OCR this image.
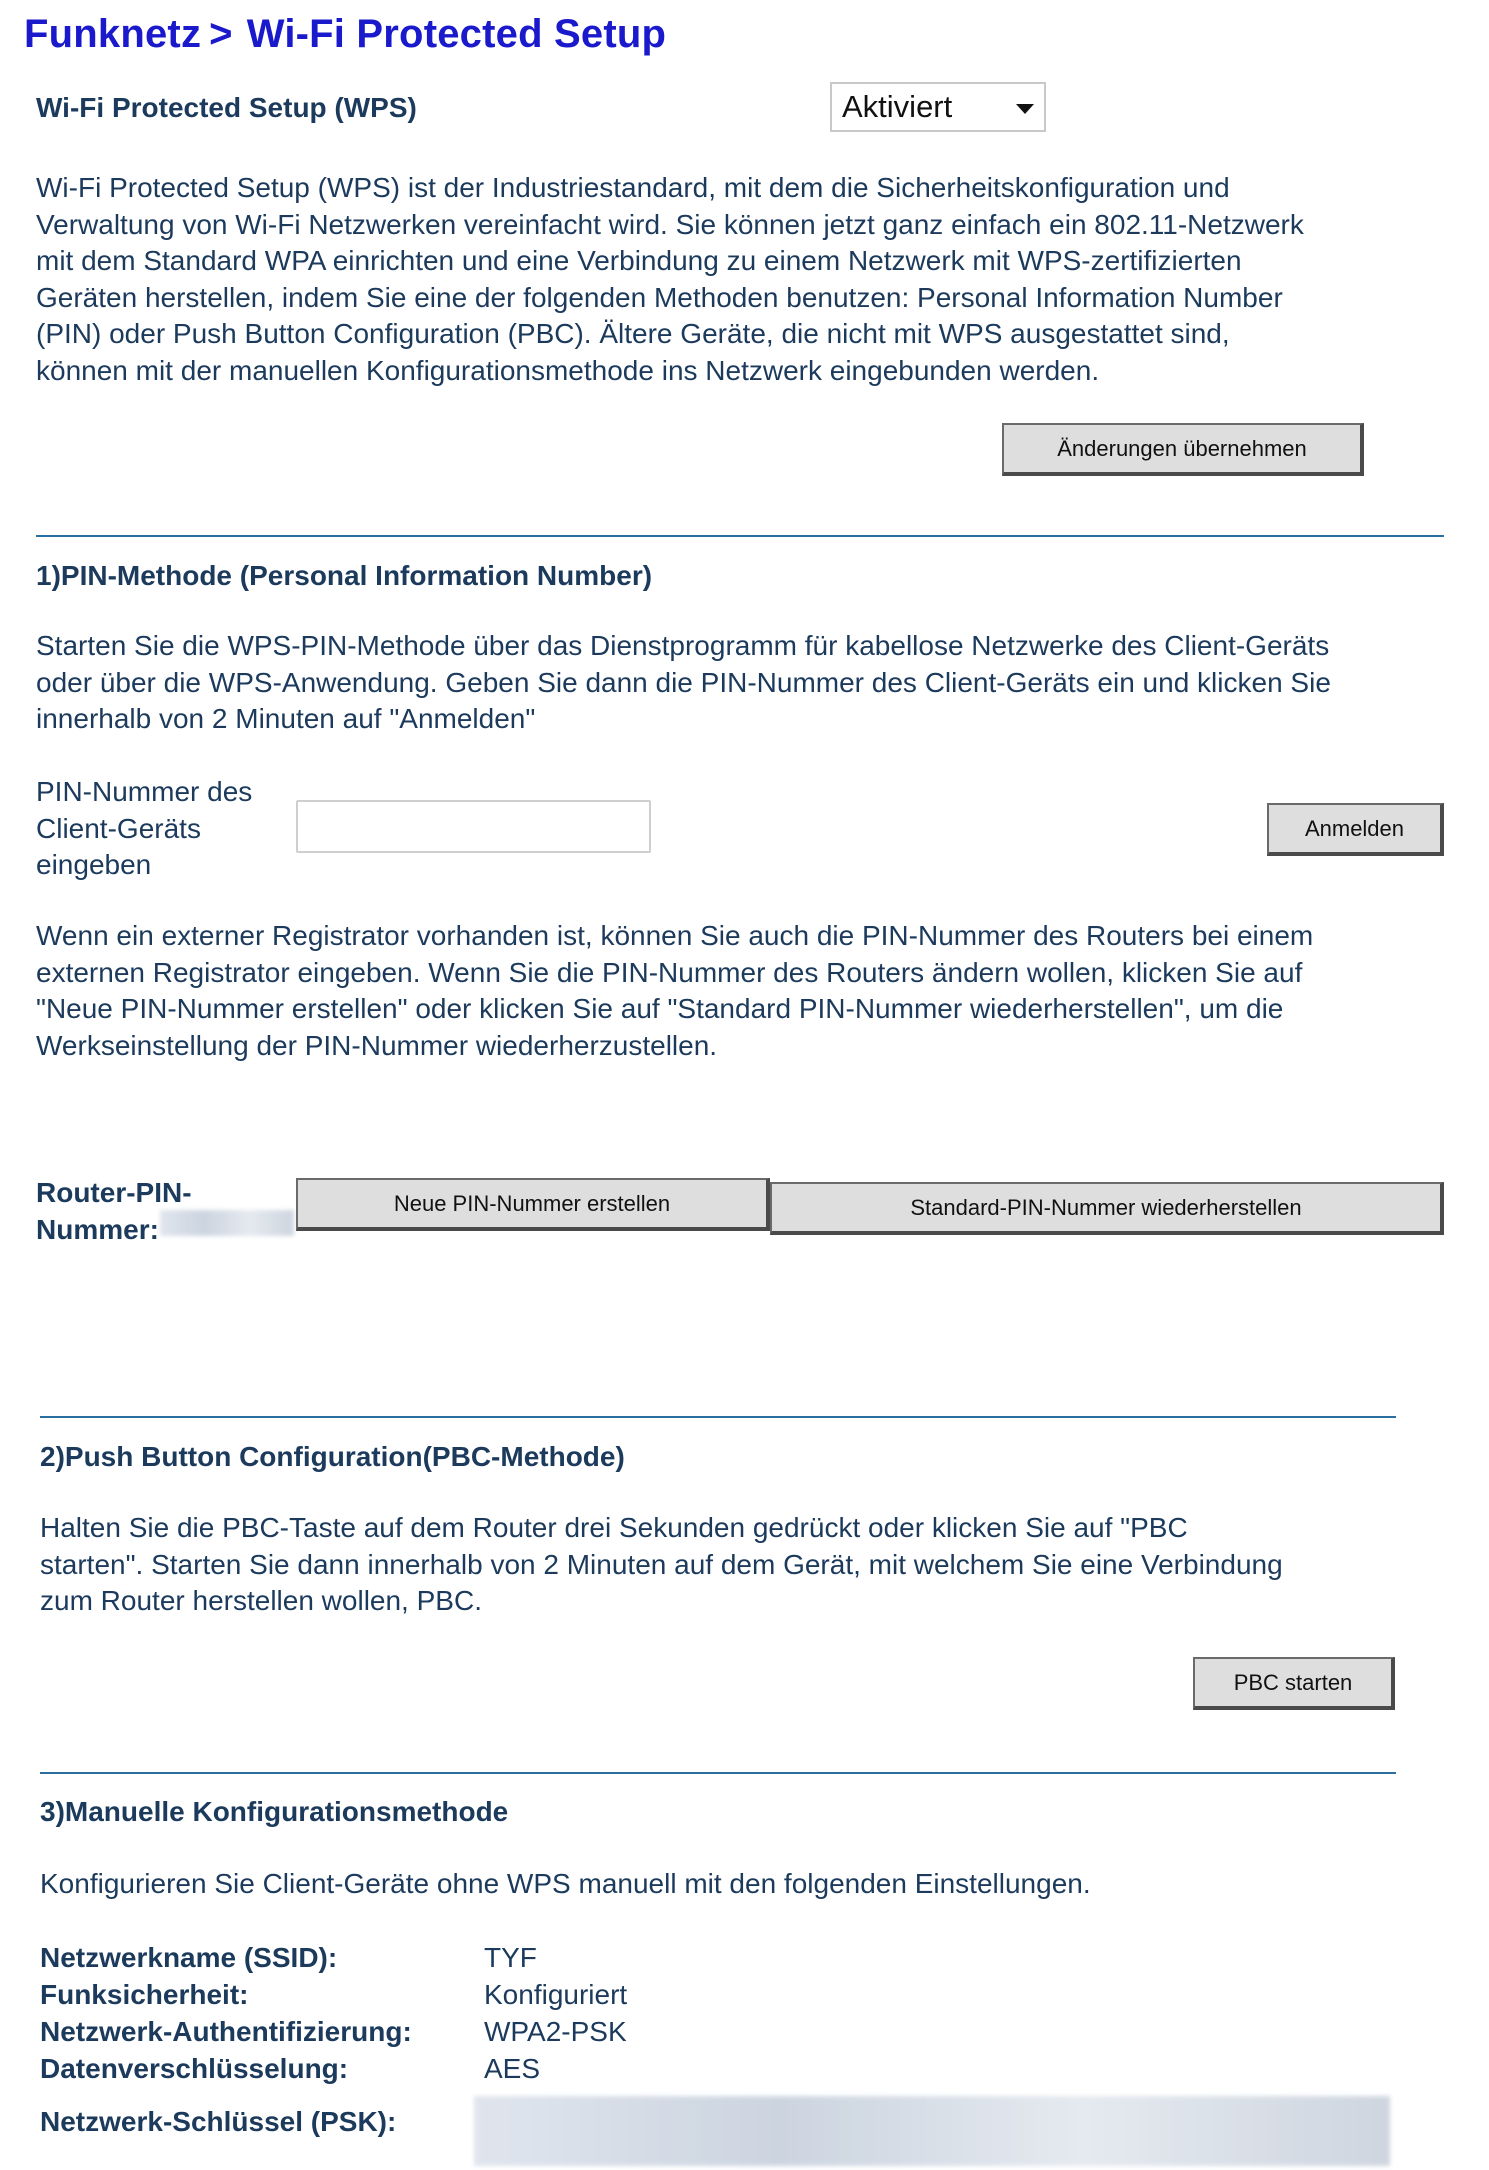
Funknetz > Wi-Fi Protected Setup
Wi-Fi Protected Setup (WPS)	Aktiviert
Wi-Fi Protected Setup (WPS) ist der Industriestandard, mit dem die Sicherheitskonfiguration und
Verwaltung von Wi-Fi Netzwerken vereinfacht wird. Sie können jetzt ganz einfach ein 802.11-Netzwerk
mit dem Standard WPA einrichten und eine Verbindung zu einem Netzwerk mit WPS-zertifizierten
Geräten herstellen, indem Sie eine der folgenden Methoden benutzen: Personal Information Number
(PIN) oder Push Button Configuration (PBC). Ältere Geräte, die nicht mit WPS ausgestattet sind,
können mit der manuellen Konfigurationsmethode ins Netzwerk eingebunden werden.
Änderungen übernehmen
1)PIN-Methode (Personal Information Number)
Starten Sie die WPS-PIN-Methode über das Dienstprogramm für kabellose Netzwerke des Client-Geräts
oder über die WPS-Anwendung. Geben Sie dann die PIN-Nummer des Client-Geräts ein und klicken Sie
innerhalb von 2 Minuten auf "Anmelden"
PIN-Nummer des
Client-Geräts
eingeben
Anmelden
Wenn ein externer Registrator vorhanden ist, können Sie auch die PIN-Nummer des Routers bei einem
externen Registrator eingeben. Wenn Sie die PIN-Nummer des Routers ändern wollen, klicken Sie auf
"Neue PIN-Nummer erstellen" oder klicken Sie auf "Standard PIN-Nummer wiederherstellen", um die
Werkseinstellung der PIN-Nummer wiederherzustellen.
Router-PIN-
Nummer:
Neue PIN-Nummer erstellen	Standard-PIN-Nummer wiederherstellen
2)Push Button Configuration(PBC-Methode)
Halten Sie die PBC-Taste auf dem Router drei Sekunden gedrückt oder klicken Sie auf "PBC
starten". Starten Sie dann innerhalb von 2 Minuten auf dem Gerät, mit welchem Sie eine Verbindung
zum Router herstellen wollen, PBC.
PBC starten
3)Manuelle Konfigurationsmethode
Konfigurieren Sie Client-Geräte ohne WPS manuell mit den folgenden Einstellungen.
Netzwerkname (SSID):	TYF
Funksicherheit:	Konfiguriert
Netzwerk-Authentifizierung:	WPA2-PSK
Datenverschlüsselung:	AES
Netzwerk-Schlüssel (PSK):
